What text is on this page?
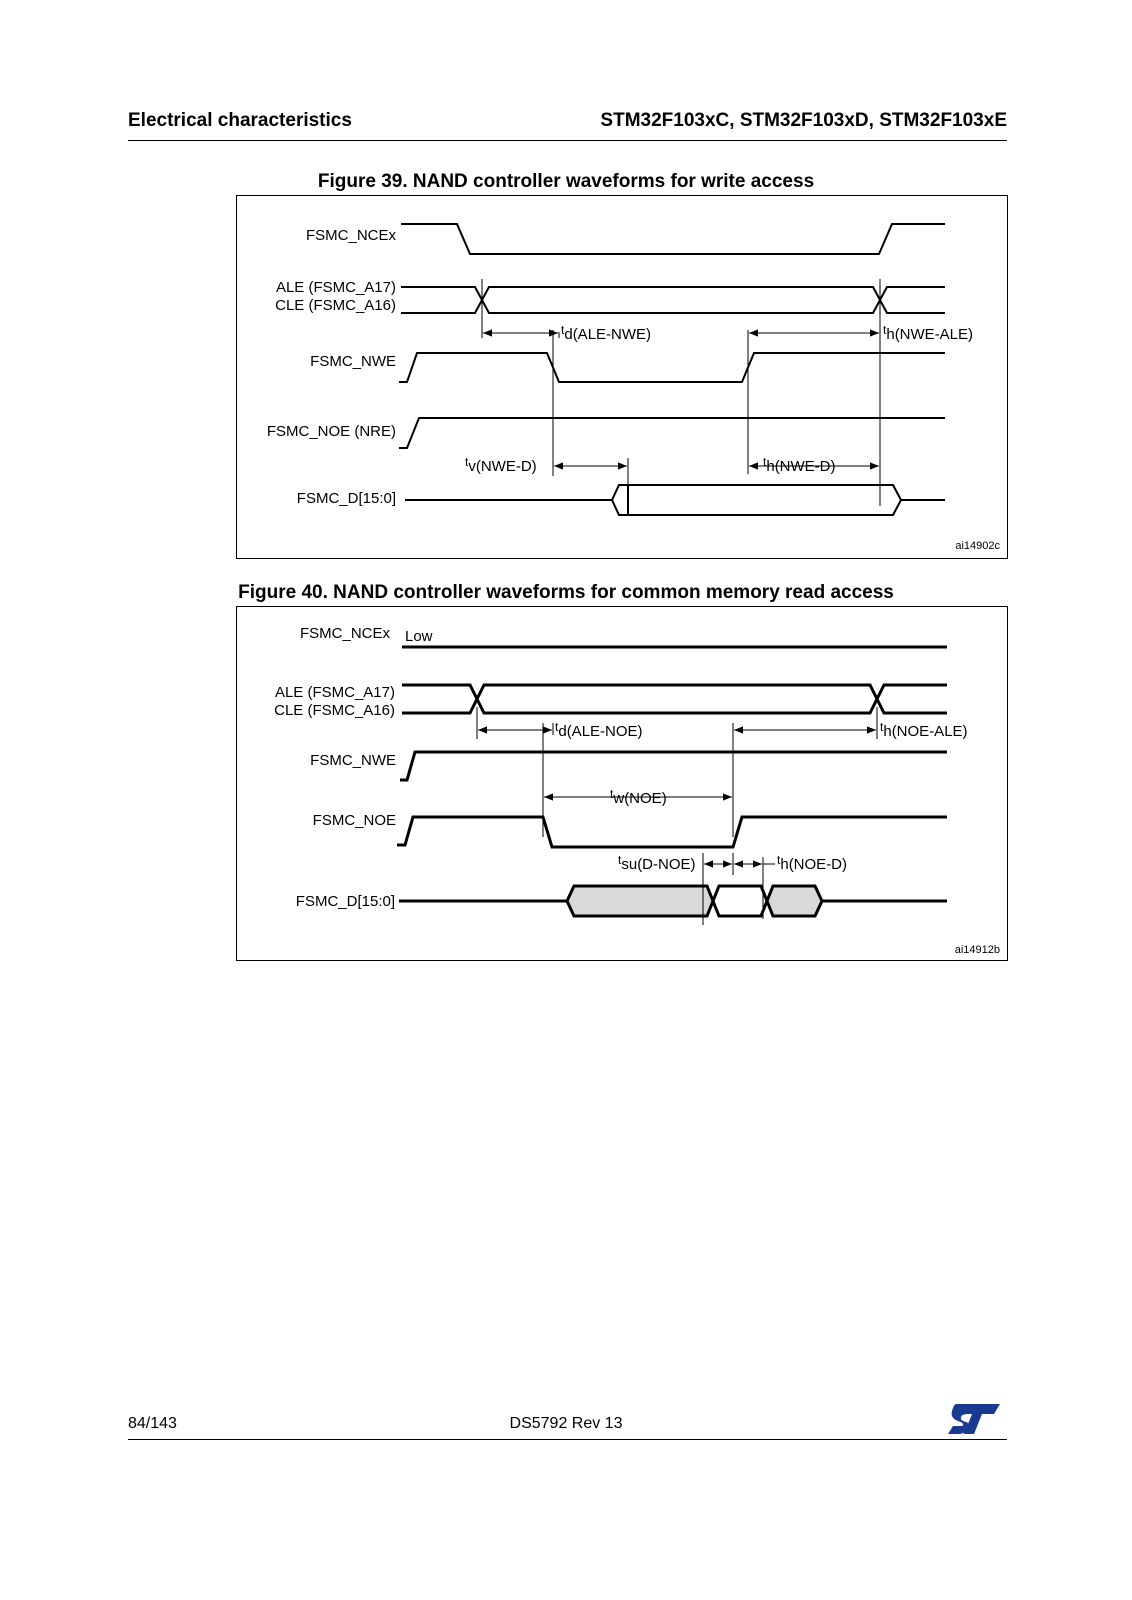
Electrical characteristics	STM32F103xC, STM32F103xD, STM32F103xE
Figure 39. NAND controller waveforms for write access
FSMC_NCEx
ALE (FSMC_A17)
CLE (FSMC_A16)
FSMC_NWE
FSMC_NOE (NRE)
FSMC_D[15:0]
$^t$d(ALE-NWE)	$^t$h(NWE-ALE)
$^t$v(NWE-D)	$^t$h(NWE-D)
ai14902c
Figure 40. NAND controller waveforms for common memory read access
FSMC_NCEx Low
ALE (FSMC_A17)
CLE (FSMC_A16)
FSMC_NWE
FSMC_NOE
FSMC_D[15:0]
$^t$d(ALE-NOE)	$^t$h(NOE-ALE)
$^t$w(NOE)
$^t$su(D-NOE)	$^t$h(NOE-D)
ai14912b
84/143	DS5792 Rev 13
